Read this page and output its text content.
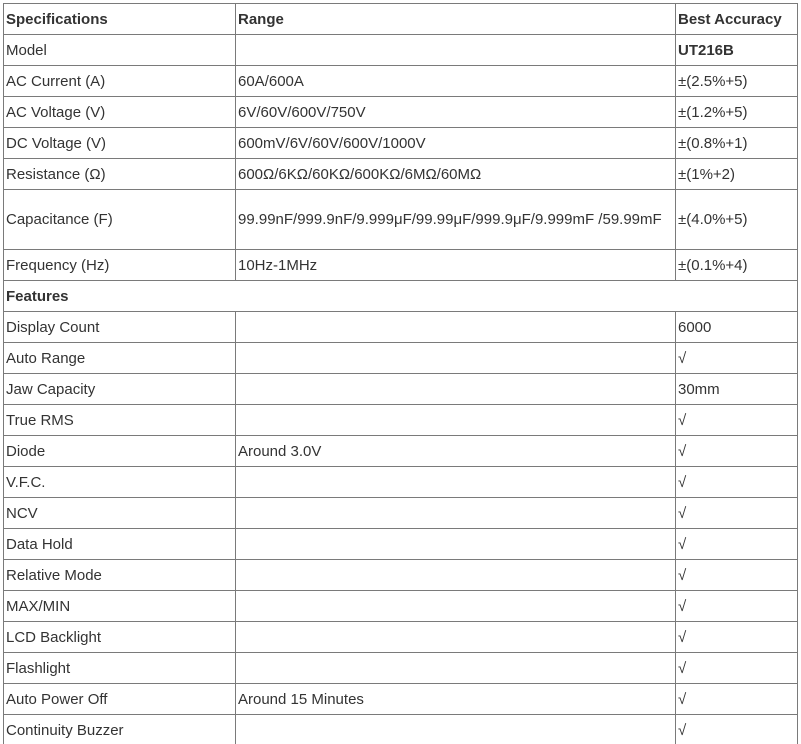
Specifications	Range	Best Accuracy
Model		UT216B
AC Current (A)	60A/600A	±(2.5%+5)
AC Voltage (V)	6V/60V/600V/750V	±(1.2%+5)
DC Voltage (V)	600mV/6V/60V/600V/1000V	±(0.8%+1)
Resistance (Ω)	600Ω/6KΩ/60KΩ/600KΩ/6MΩ/60MΩ	±(1%+2)
Capacitance (F)	99.99nF/999.9nF/9.999μF/99.99μF/999.9μF/9.999mF /59.99mF	±(4.0%+5)
Frequency (Hz)	10Hz-1MHz	±(0.1%+4)
Features		
Display Count		6000
Auto Range		√
Jaw Capacity		30mm
True RMS		√
Diode	Around 3.0V	√
V.F.C.		√
NCV		√
Data Hold		√
Relative Mode		√
MAX/MIN		√
LCD Backlight		√
Flashlight		√
Auto Power Off	Around 15 Minutes	√
Continuity Buzzer		√
